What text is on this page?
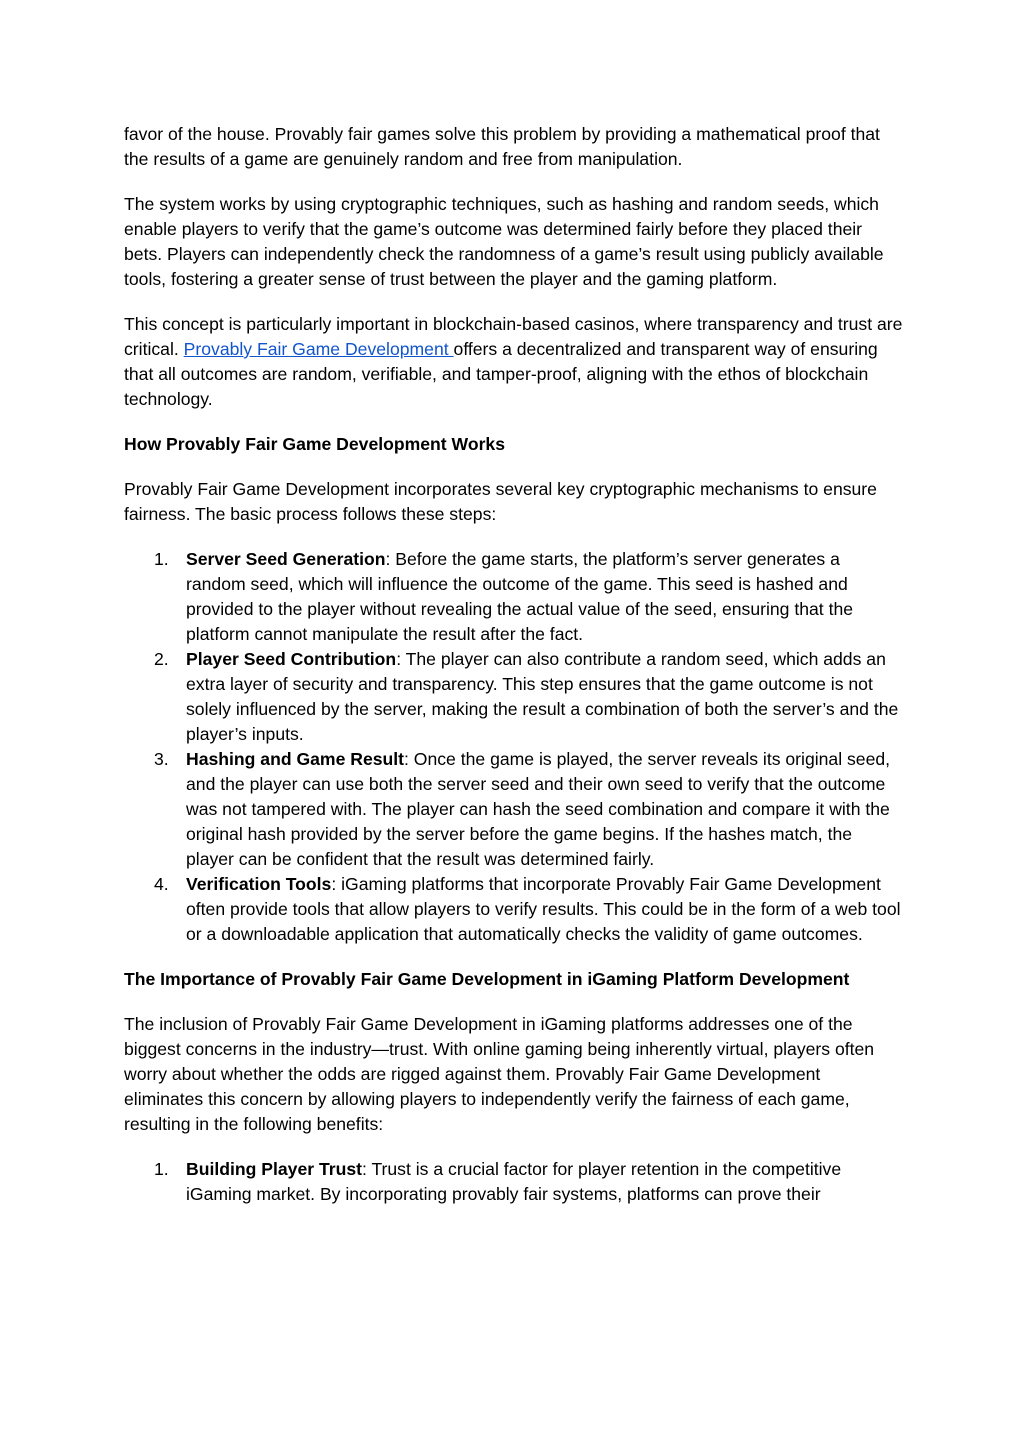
favor of the house. Provably fair games solve this problem by providing a mathematical proof that the results of a game are genuinely random and free from manipulation.

The system works by using cryptographic techniques, such as hashing and random seeds, which enable players to verify that the game’s outcome was determined fairly before they placed their bets. Players can independently check the randomness of a game’s result using publicly available tools, fostering a greater sense of trust between the player and the gaming platform.

This concept is particularly important in blockchain-based casinos, where transparency and trust are critical. Provably Fair Game Development offers a decentralized and transparent way of ensuring that all outcomes are random, verifiable, and tamper-proof, aligning with the ethos of blockchain technology.

How Provably Fair Game Development Works

Provably Fair Game Development incorporates several key cryptographic mechanisms to ensure fairness. The basic process follows these steps:

1. Server Seed Generation: Before the game starts, the platform’s server generates a random seed, which will influence the outcome of the game. This seed is hashed and provided to the player without revealing the actual value of the seed, ensuring that the platform cannot manipulate the result after the fact.
2. Player Seed Contribution: The player can also contribute a random seed, which adds an extra layer of security and transparency. This step ensures that the game outcome is not solely influenced by the server, making the result a combination of both the server’s and the player’s inputs.
3. Hashing and Game Result: Once the game is played, the server reveals its original seed, and the player can use both the server seed and their own seed to verify that the outcome was not tampered with. The player can hash the seed combination and compare it with the original hash provided by the server before the game begins. If the hashes match, the player can be confident that the result was determined fairly.
4. Verification Tools: iGaming platforms that incorporate Provably Fair Game Development often provide tools that allow players to verify results. This could be in the form of a web tool or a downloadable application that automatically checks the validity of game outcomes.

The Importance of Provably Fair Game Development in iGaming Platform Development

The inclusion of Provably Fair Game Development in iGaming platforms addresses one of the biggest concerns in the industry—trust. With online gaming being inherently virtual, players often worry about whether the odds are rigged against them. Provably Fair Game Development eliminates this concern by allowing players to independently verify the fairness of each game, resulting in the following benefits:

1. Building Player Trust: Trust is a crucial factor for player retention in the competitive iGaming market. By incorporating provably fair systems, platforms can prove their
